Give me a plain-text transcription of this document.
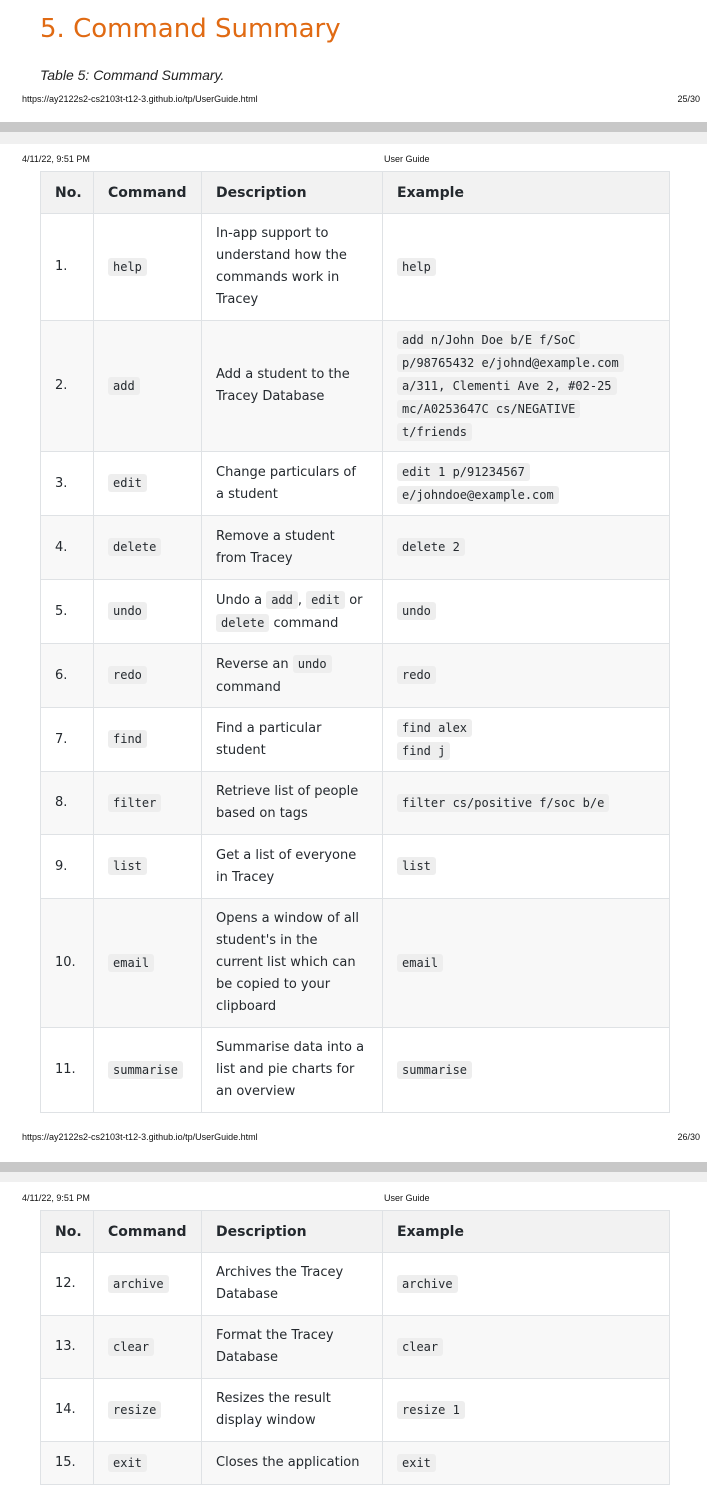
5. Command Summary
Table 5: Command Summary.
https://ay2122s2-cs2103t-t12-3.github.io/tp/UserGuide.html	25/30
4/11/22, 9:51 PM	User Guide
No.	Command	Description	Example
1.	help	In-app support to understand how the commands work in Tracey	help
2.	add	Add a student to the Tracey Database	add n/John Doe b/E f/SoC
p/98765432 e/johnd@example.com
a/311, Clementi Ave 2, #02-25
mc/A0253647C cs/NEGATIVE
t/friends
3.	edit	Change particulars of a student	edit 1 p/91234567
e/johndoe@example.com
4.	delete	Remove a student from Tracey	delete 2
5.	undo	Undo a add , edit or delete command	undo
6.	redo	Reverse an undo command	redo
7.	find	Find a particular student	find alex
find j
8.	filter	Retrieve list of people based on tags	filter cs/positive f/soc b/e
9.	list	Get a list of everyone in Tracey	list
10.	email	Opens a window of all student's in the current list which can be copied to your clipboard	email
11.	summarise	Summarise data into a list and pie charts for an overview	summarise
https://ay2122s2-cs2103t-t12-3.github.io/tp/UserGuide.html	26/30
4/11/22, 9:51 PM	User Guide
No.	Command	Description	Example
12.	archive	Archives the Tracey Database	archive
13.	clear	Format the Tracey Database	clear
14.	resize	Resizes the result display window	resize 1
15.	exit	Closes the application	exit
